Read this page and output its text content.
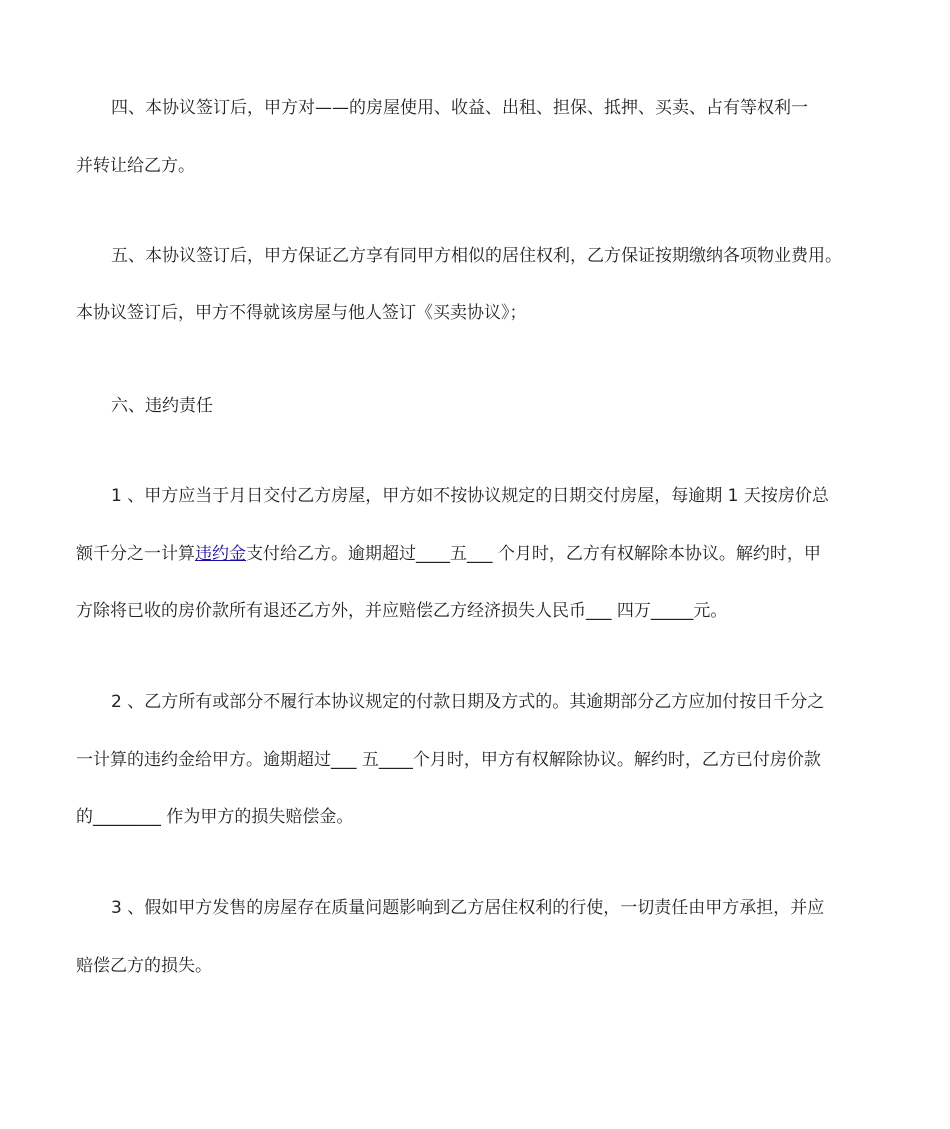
四、本协议签订后，甲方对——的房屋使用、收益、出租、担保、抵押、买卖、占有等权利一
并转让给乙方。
五、本协议签订后，甲方保证乙方享有同甲方相似的居住权利，乙方保证按期缴纳各项物业费用。
本协议签订后，甲方不得就该房屋与他人签订《买卖协议》；
六、违约责任
1 、甲方应当于月日交付乙方房屋，甲方如不按协议规定的日期交付房屋，每逾期 1 天按房价总
额千分之一计算违约金支付给乙方。逾期超过____五___ 个月时，乙方有权解除本协议。解约时，甲
方除将已收的房价款所有退还乙方外，并应赔偿乙方经济损失人民币___ 四万_____元。
2 、乙方所有或部分不履行本协议规定的付款日期及方式的。其逾期部分乙方应加付按日千分之
一计算的违约金给甲方。逾期超过___ 五____个月时，甲方有权解除协议。解约时，乙方已付房价款
的________ 作为甲方的损失赔偿金。
3 、假如甲方发售的房屋存在质量问题影响到乙方居住权利的行使，一切责任由甲方承担，并应
赔偿乙方的损失。
